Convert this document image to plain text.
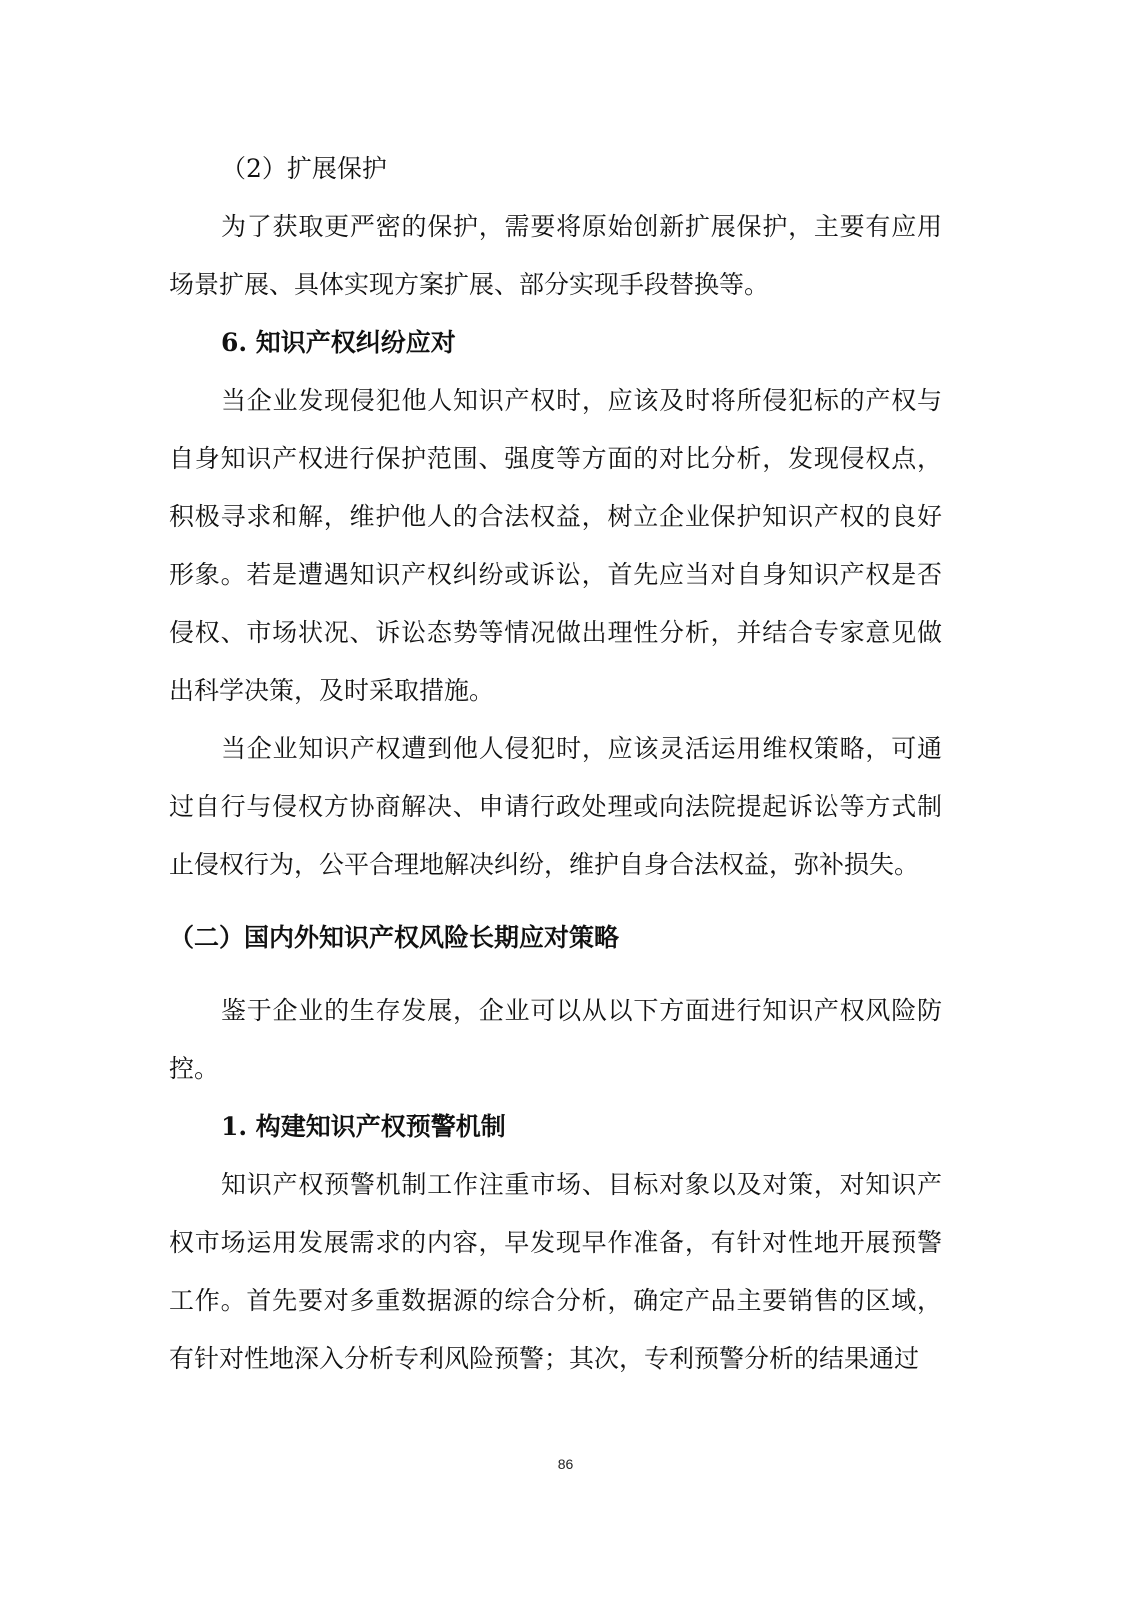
（2）扩展保护
为了获取更严密的保护，需要将原始创新扩展保护，主要有应用
场景扩展、具体实现方案扩展、部分实现手段替换等。
6. 知识产权纠纷应对
当企业发现侵犯他人知识产权时，应该及时将所侵犯标的产权与
自身知识产权进行保护范围、强度等方面的对比分析，发现侵权点，
积极寻求和解，维护他人的合法权益，树立企业保护知识产权的良好
形象。若是遭遇知识产权纠纷或诉讼，首先应当对自身知识产权是否
侵权、市场状况、诉讼态势等情况做出理性分析，并结合专家意见做
出科学决策，及时采取措施。
当企业知识产权遭到他人侵犯时，应该灵活运用维权策略，可通
过自行与侵权方协商解决、申请行政处理或向法院提起诉讼等方式制
止侵权行为，公平合理地解决纠纷，维护自身合法权益，弥补损失。
（二）国内外知识产权风险长期应对策略
鉴于企业的生存发展，企业可以从以下方面进行知识产权风险防
控。
1. 构建知识产权预警机制
知识产权预警机制工作注重市场、目标对象以及对策，对知识产
权市场运用发展需求的内容，早发现早作准备，有针对性地开展预警
工作。首先要对多重数据源的综合分析，确定产品主要销售的区域，
有针对性地深入分析专利风险预警；其次，专利预警分析的结果通过
86
